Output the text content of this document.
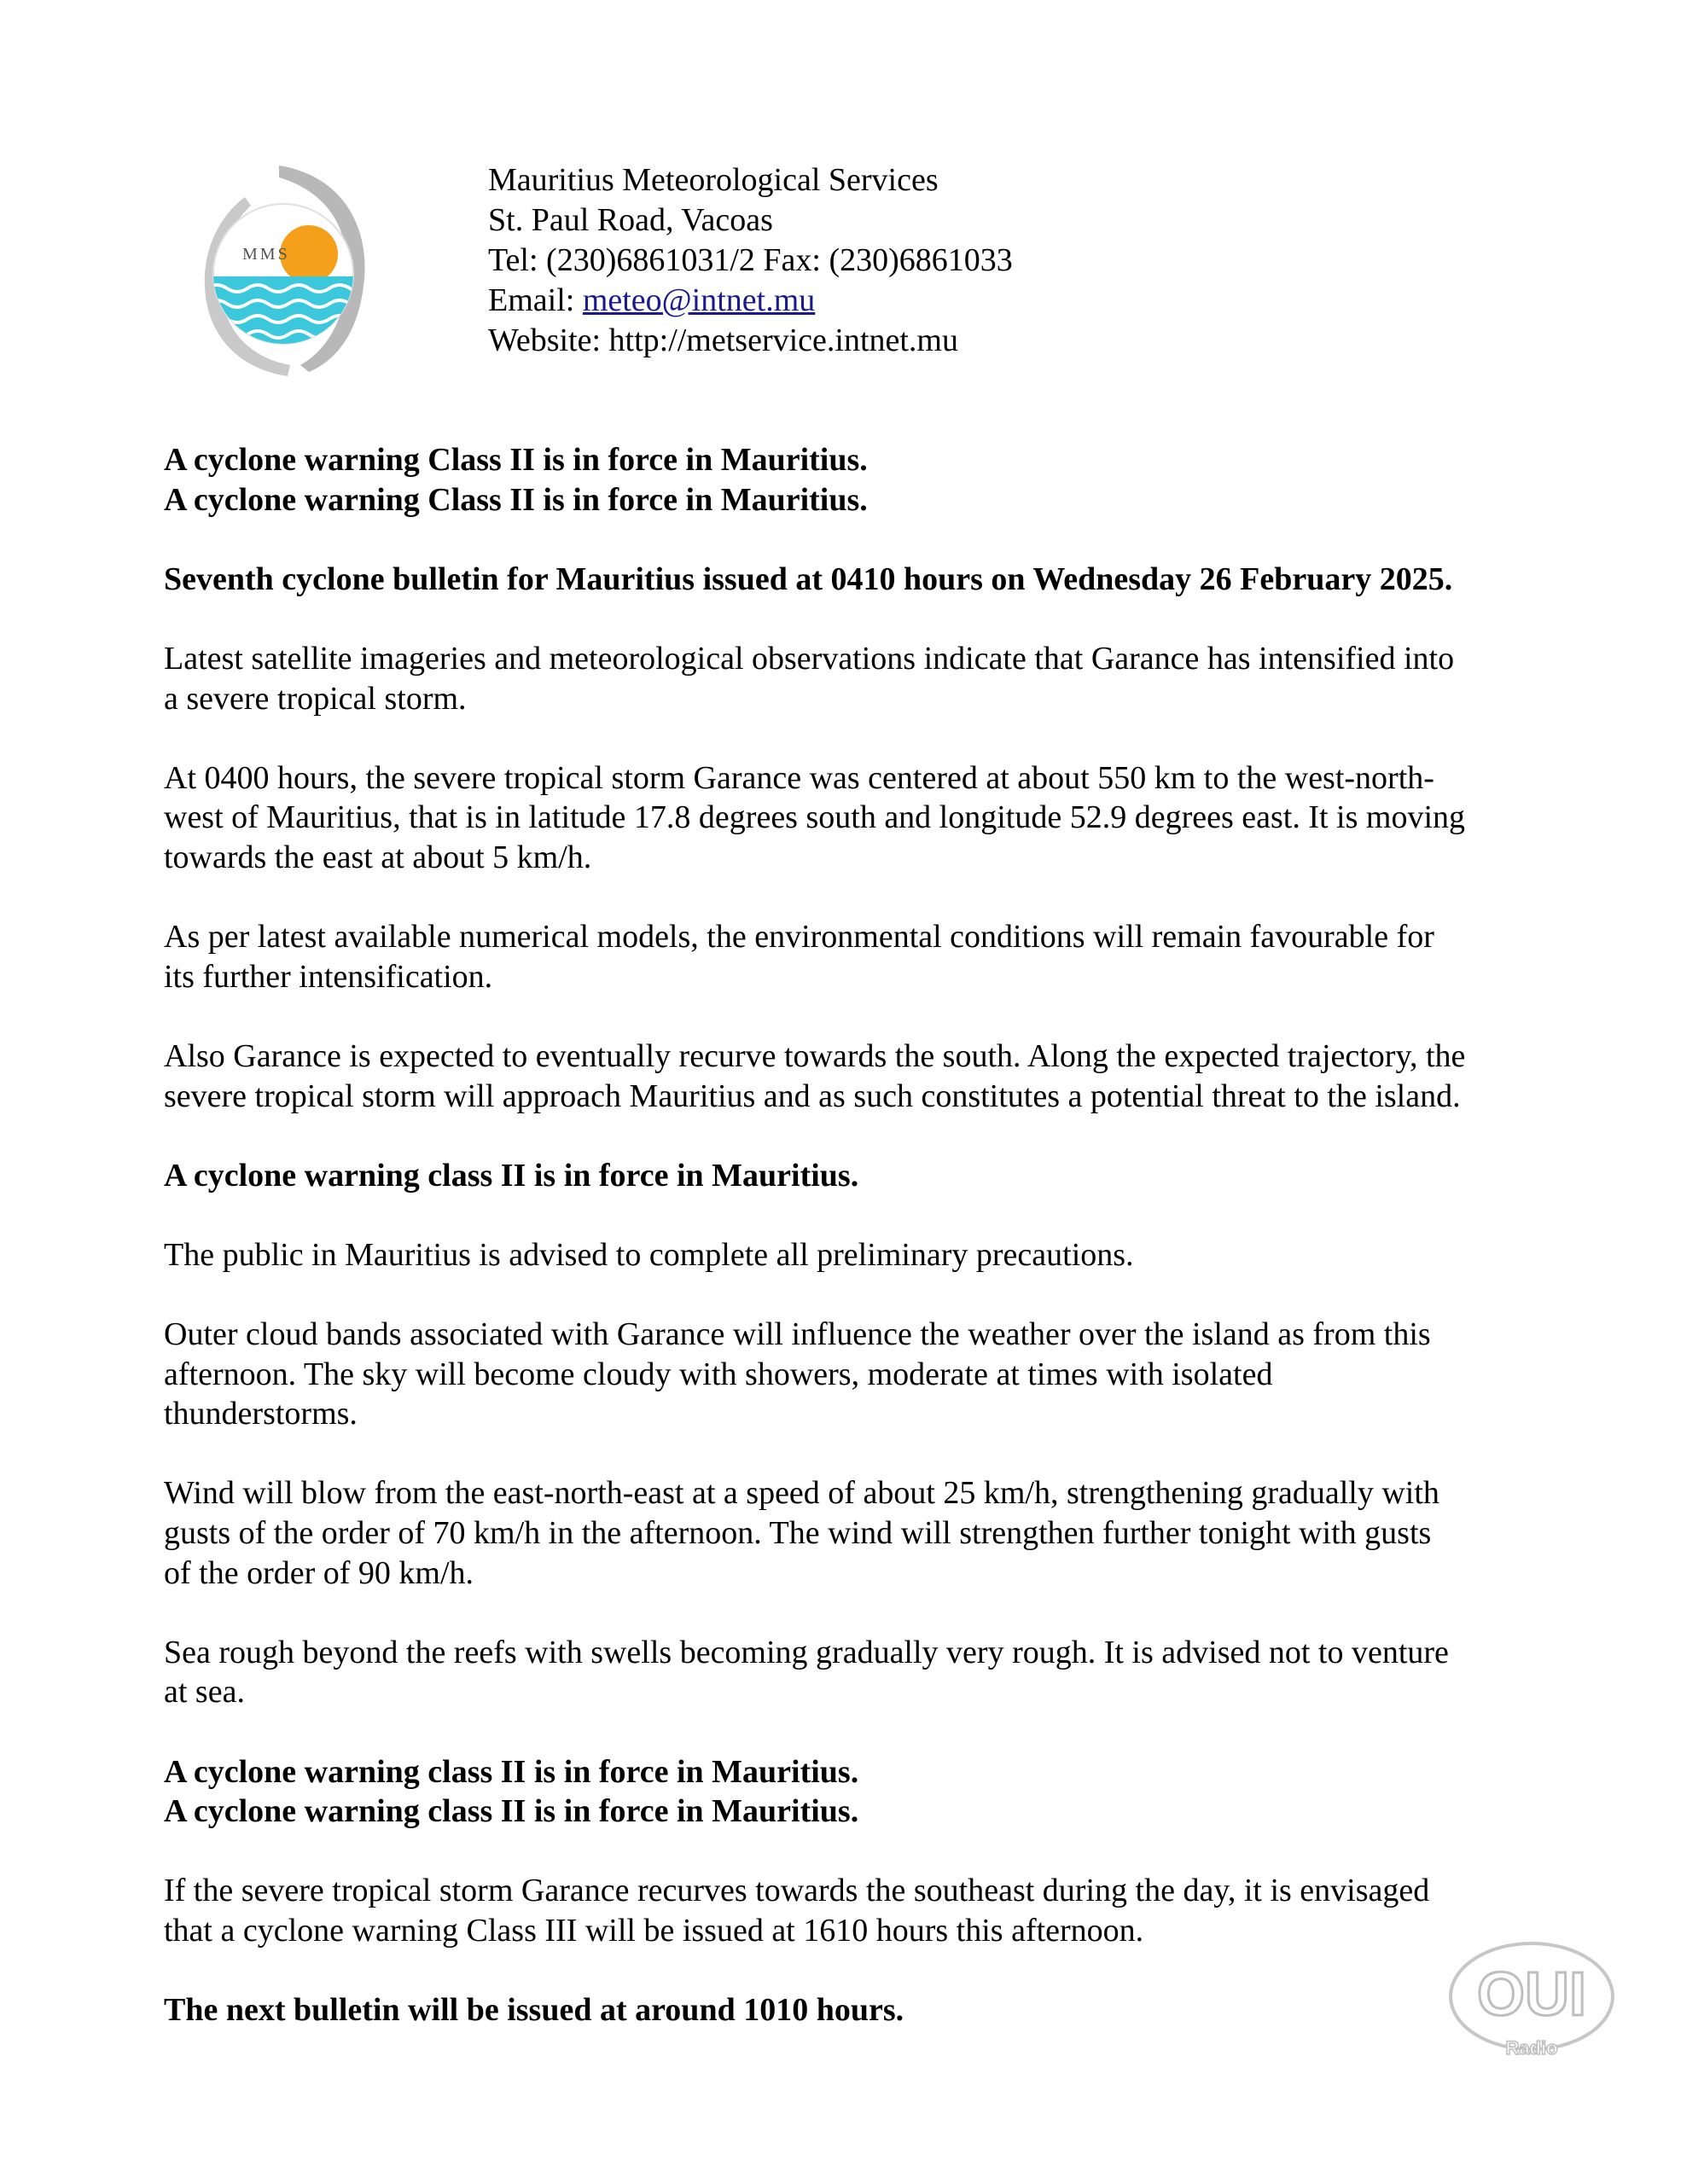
MMS
Mauritius Meteorological Services
St. Paul Road, Vacoas
Tel: (230)6861031/2 Fax: (230)6861033
Email: meteo@intnet.mu
Website: http://metservice.intnet.mu

A cyclone warning Class II is in force in Mauritius.
A cyclone warning Class II is in force in Mauritius.

Seventh cyclone bulletin for Mauritius issued at 0410 hours on Wednesday 26 February 2025.

Latest satellite imageries and meteorological observations indicate that Garance has intensified into
a severe tropical storm.

At 0400 hours, the severe tropical storm Garance was centered at about 550 km to the west-north-
west of Mauritius, that is in latitude 17.8 degrees south and longitude 52.9 degrees east. It is moving
towards the east at about 5 km/h.

As per latest available numerical models, the environmental conditions will remain favourable for
its further intensification.

Also Garance is expected to eventually recurve towards the south. Along the expected trajectory, the
severe tropical storm will approach Mauritius and as such constitutes a potential threat to the island.

A cyclone warning class II is in force in Mauritius.

The public in Mauritius is advised to complete all preliminary precautions.

Outer cloud bands associated with Garance will influence the weather over the island as from this
afternoon. The sky will become cloudy with showers, moderate at times with isolated
thunderstorms.

Wind will blow from the east-north-east at a speed of about 25 km/h, strengthening gradually with
gusts of the order of 70 km/h in the afternoon. The wind will strengthen further tonight with gusts
of the order of 90 km/h.

Sea rough beyond the reefs with swells becoming gradually very rough. It is advised not to venture
at sea.

A cyclone warning class II is in force in Mauritius.
A cyclone warning class II is in force in Mauritius.

If the severe tropical storm Garance recurves towards the southeast during the day, it is envisaged
that a cyclone warning Class III will be issued at 1610 hours this afternoon.

The next bulletin will be issued at around 1010 hours.	OUI
Radio
